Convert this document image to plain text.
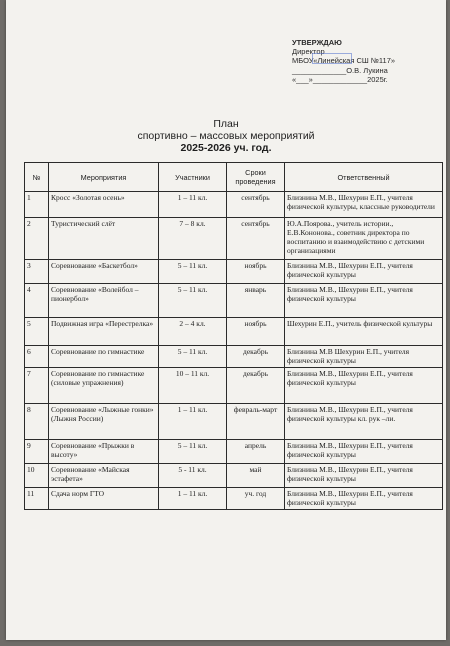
УТВЕРЖДАЮ
Директор
МБОУ«Линейская СШ №117»
_____________О.В. Лукина
«___»_____________2025г.
План
спортивно – массовых мероприятий
2025-2026 уч. год.
№	Мероприятия	Участники	Сроки проведения	Ответственный
1	Кросс «Золотая осень»	1 – 11 кл.	сентябрь	Близнина М.В., Шехурин Е.П., учителя физической культуры, классные руководители
2	Туристический слёт	7 – 8 кл.	сентябрь	Ю.А.Поярова., учитель истории., Е.В.Кононова., советник директора по воспитанию и взаимодействию с детскими организациями
3	Соревнование «Баскетбол»	5 – 11 кл.	ноябрь	Близнина М.В., Шехурин Е.П., учителя физической культуры
4	Соревнование «Волейбол – пионербол»	5 – 11 кл.	январь	Близнина М.В., Шехурин Е.П., учителя физической культуры
5	Подвижная игра «Перестрелка»	2 – 4 кл.	ноябрь	Шехурин Е.П., учитель физической культуры
6	Соревнование по гимнастике	5 – 11 кл.	декабрь	Близнина М.В Шехурин Е.П., учителя физической культуры
7	Соревнование по гимнастике (силовые упражнения)	10 – 11 кл.	декабрь	Близнина М.В., Шехурин Е.П., учителя физической культуры
8	Соревнование «Лыжные гонки» (Лыжня России)	1 – 11 кл.	февраль-март	Близнина М.В., Шехурин Е.П., учителя физической культуры кл. рук –ли.
9	Соревнование «Прыжки в высоту»	5 – 11 кл.	апрель	Близнина М.В., Шехурин Е.П., учителя физической культуры
10	Соревнование «Майская эстафета»	5 - 11 кл.	май	Близнина М.В., Шехурин Е.П., учителя физической культуры
11	Сдача норм ГТО	1 – 11 кл.	уч. год	Близнина М.В., Шехурин Е.П., учителя физической культуры
